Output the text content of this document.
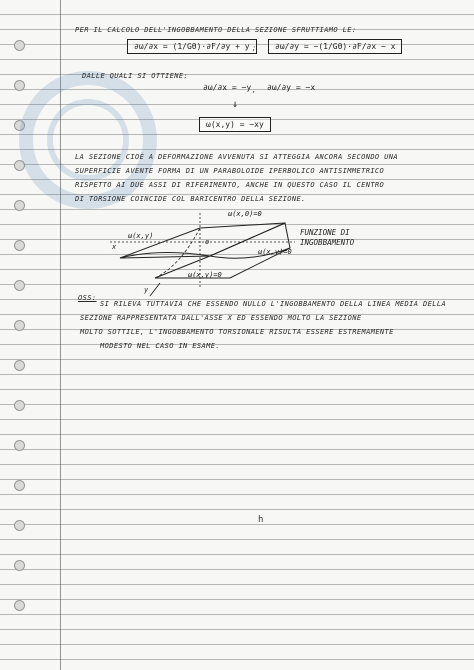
PER IL CALCOLO DELL'INGOBBAMENTO DELLA SEZIONE SFRUTTIAMO LE:
∂ω/∂x = (1/Gθ)·∂F/∂y + y ;	∂ω/∂y = −(1/Gθ)·∂F/∂x − x
DALLE QUALI SI OTTIENE:
∂ω/∂x = −y ,	∂ω/∂y = −x
↓
ω(x,y) = −xy
LA SEZIONE CIOÈ A DEFORMAZIONE AVVENUTA SI ATTEGGIA ANCORA SECONDO UNA
SUPERFICIE AVENTE FORMA DI UN PARABOLOIDE IPERBOLICO ANTISIMMETRICO
RISPETTO AI DUE ASSI DI RIFERIMENTO, ANCHE IN QUESTO CASO IL CENTRO
DI TORSIONE COINCIDE COL BARICENTRO DELLA SEZIONE.
ω(x,0)=0
ω(x,y)
x
o
ω(x,y)=0
ω(x,y)=0
y
FUNZIONE DI
INGOBBAMENTO
OSS:
SI RILEVA TUTTAVIA CHE ESSENDO NULLO L'INGOBBAMENTO DELLA LINEA MEDIA DELLA
SEZIONE RAPPRESENTATA DALL'ASSE X ED ESSENDO MOLTO LA SEZIONE
MOLTO SOTTILE, L'INGOBBAMENTO TORSIONALE RISULTA ESSERE ESTREMAMENTE
MODESTO NEL CASO IN ESAME.
h
